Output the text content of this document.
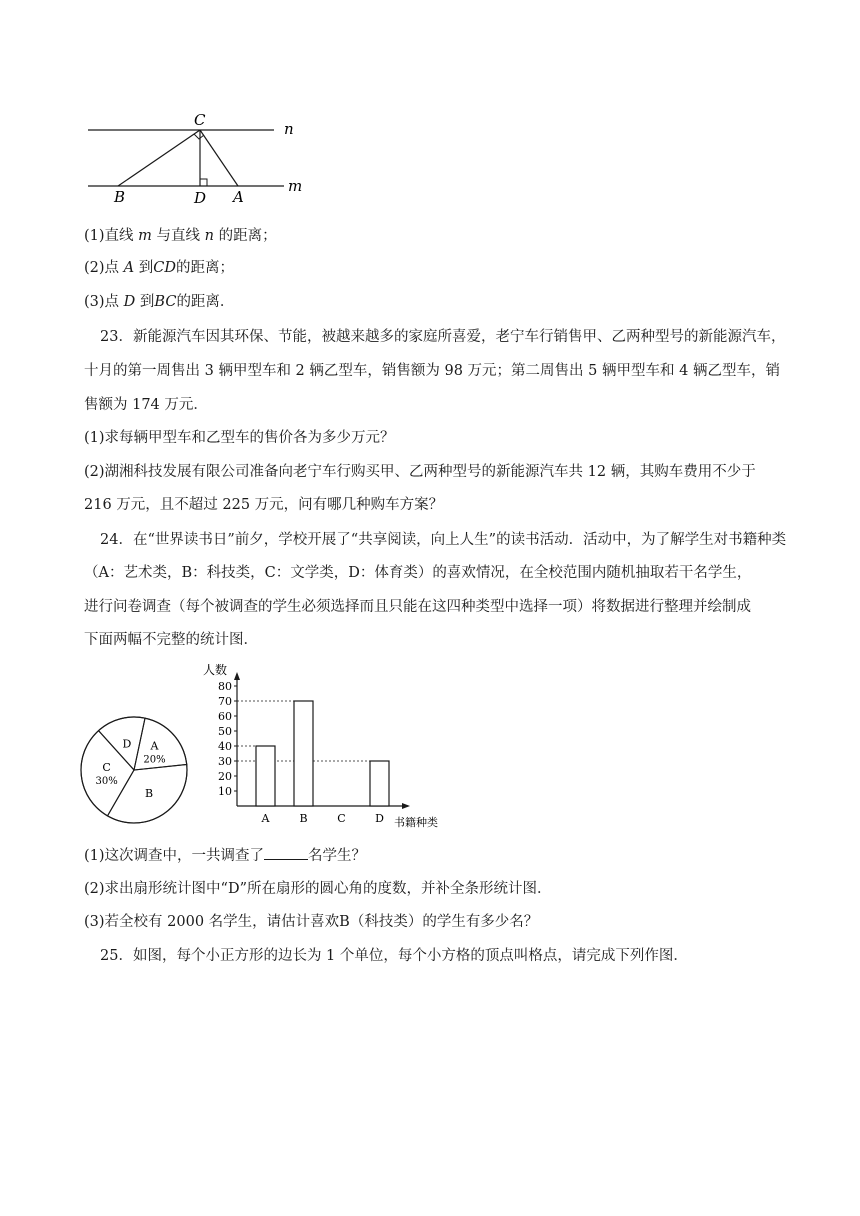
C
B	D A
n
m
(1)直线 m 与直线 n 的距离；
(2)点 A 到CD的距离；
(3)点 D 到BC的距离．
23．新能源汽车因其环保、节能，被越来越多的家庭所喜爱，老宁车行销售甲、乙两种型号的新能源汽车，
十月的第一周售出 3 辆甲型车和 2 辆乙型车，销售额为 98 万元；第二周售出 5 辆甲型车和 4 辆乙型车，销
售额为 174 万元．
(1)求每辆甲型车和乙型车的售价各为多少万元？
(2)湖湘科技发展有限公司准备向老宁车行购买甲、乙两种型号的新能源汽车共 12 辆，其购车费用不少于
216 万元，且不超过 225 万元，问有哪几种购车方案？
24．在“世界读书日”前夕，学校开展了“共享阅读，向上人生”的读书活动．活动中，为了解学生对书籍种类
（A：艺术类，B：科技类，C：文学类，D：体育类）的喜欢情况，在全校范围内随机抽取若干名学生，
进行问卷调查（每个被调查的学生必须选择而且只能在这四种类型中选择一项）将数据进行整理并绘制成
下面两幅不完整的统计图．
A
20%
B
C
30%
D
人数
书籍种类
10
20
30
40
50
60
70
80
A	B	C	D
(1)这次调查中，一共调查了	名学生？
(2)求出扇形统计图中“D”所在扇形的圆心角的度数，并补全条形统计图．
(3)若全校有 2000 名学生，请估计喜欢B（科技类）的学生有多少名？
25．如图，每个小正方形的边长为 1 个单位，每个小方格的顶点叫格点，请完成下列作图．
